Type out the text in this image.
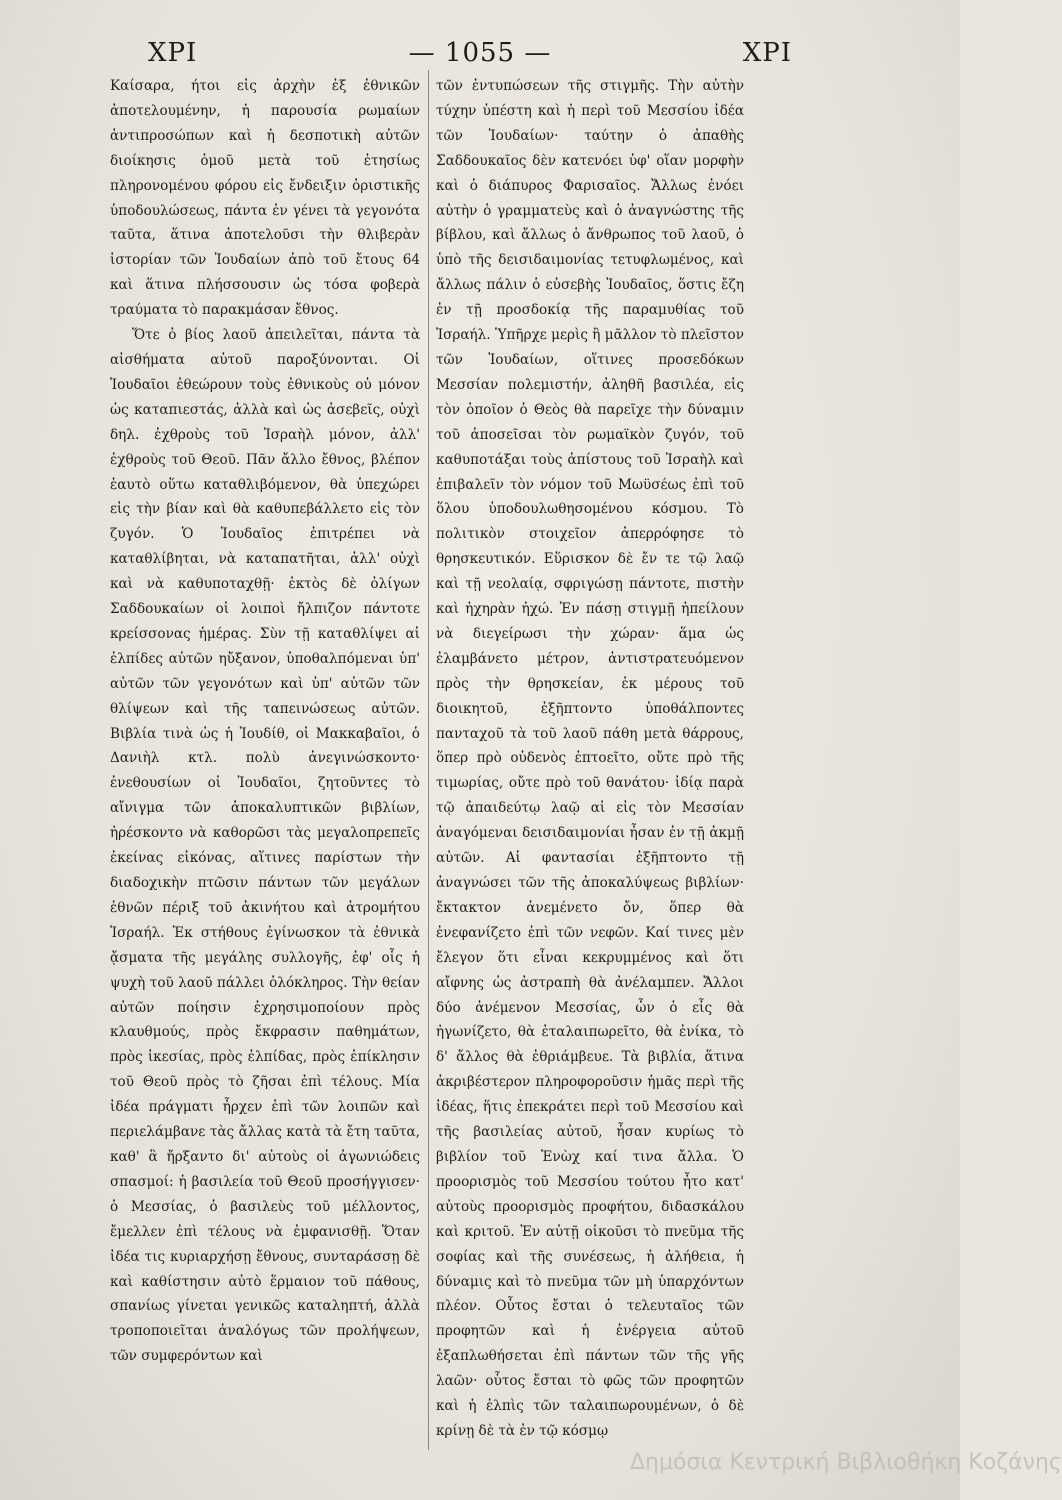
ΧΡΙ	— 1055 —	ΧΡΙ

Καίσαρα, ήτοι εἰς ἀρχὴν ἐξ ἐθνικῶν ἀποτελουμένην, ἡ παρουσία ρωμαίων ἀντιπροσώπων καὶ ἡ δεσποτικὴ αὐτῶν διοίκησις ὁμοῦ μετὰ τοῦ ἐτησίως πληρονομένου φόρου εἰς ἔνδειξιν ὁριστικῆς ὑποδουλώσεως, πάντα ἐν γένει τὰ γεγονότα ταῦτα, ἅτινα ἀποτελοῦσι τὴν θλιβερὰν ἱστορίαν τῶν Ἰουδαίων ἀπὸ τοῦ ἔτους 64 καὶ ἅτινα πλήσσουσιν ὡς τόσα φοβερὰ τραύματα τὸ παρακμάσαν ἔθνος.

Ὅτε ὁ βίος λαοῦ ἀπειλεῖται, πάντα τὰ αἰσθήματα αὐτοῦ παροξύνονται. Οἱ Ἰουδαῖοι ἐθεώρουν τοὺς ἐθνικοὺς οὐ μόνον ὡς καταπιεστάς, ἀλλὰ καὶ ὡς ἀσεβεῖς, οὐχὶ δηλ. ἐχθροὺς τοῦ Ἰσραὴλ μόνον, ἀλλ' ἐχθροὺς τοῦ Θεοῦ. Πᾶν ἄλλο ἔθνος, βλέπον ἑαυτὸ οὕτω καταθλιβόμενον, θὰ ὑπεχώρει εἰς τὴν βίαν καὶ θὰ καθυπεβάλλετο εἰς τὸν ζυγόν. Ὁ Ἰουδαῖος ἐπιτρέπει νὰ καταθλίβηται, νὰ καταπατῆται, ἀλλ' οὐχὶ καὶ νὰ καθυποταχθῇ· ἐκτὸς δὲ ὀλίγων Σαδδουκαίων οἱ λοιποὶ ἤλπιζον πάντοτε κρείσσονας ἡμέρας. Σὺν τῇ καταθλίψει αἱ ἐλπίδες αὐτῶν ηὔξανον, ὑποθαλπόμεναι ὑπ' αὐτῶν τῶν γεγονότων καὶ ὑπ' αὐτῶν τῶν θλίψεων καὶ τῆς ταπεινώσεως αὐτῶν. Βιβλία τινὰ ὡς ἡ Ἰουδίθ, οἱ Μακκαβαῖοι, ὁ Δανιὴλ κτλ. πολὺ ἀνεγινώσκοντο· ἐνεθουσίων οἱ Ἰουδαῖοι, ζητοῦντες τὸ αἴνιγμα τῶν ἀποκαλυπτικῶν βιβλίων, ἠρέσκοντο νὰ καθορῶσι τὰς μεγαλοπρεπεῖς ἐκείνας εἰκόνας, αἵτινες παρίστων τὴν διαδοχικὴν πτῶσιν πάντων τῶν μεγάλων ἐθνῶν πέριξ τοῦ ἀκινήτου καὶ ἀτρομήτου Ἰσραήλ. Ἐκ στήθους ἐγίνωσκον τὰ ἐθνικὰ ᾄσματα τῆς μεγάλης συλλογῆς, ἐφ' οἷς ἡ ψυχὴ τοῦ λαοῦ πάλλει ὁλόκληρος. Τὴν θείαν αὐτῶν ποίησιν ἐχρησιμοποίουν πρὸς κλαυθμούς, πρὸς ἔκφρασιν παθημάτων, πρὸς ἱκεσίας, πρὸς ἐλπίδας, πρὸς ἐπίκλησιν τοῦ Θεοῦ πρὸς τὸ ζῆσαι ἐπὶ τέλους. Μία ἰδέα πράγματι ἦρχεν ἐπὶ τῶν λοιπῶν καὶ περιελάμβανε τὰς ἄλλας κατὰ τὰ ἔτη ταῦτα, καθ' ἃ ἤρξαντο δι' αὐτοὺς οἱ ἀγωνιώδεις σπασμοί: ἡ βασιλεία τοῦ Θεοῦ προσήγγισεν· ὁ Μεσσίας, ὁ βασιλεὺς τοῦ μέλλοντος, ἔμελλεν ἐπὶ τέλους νὰ ἐμφανισθῇ. Ὅταν ἰδέα τις κυριαρχήσῃ ἔθνους, συνταράσσῃ δὲ καὶ καθίστησιν αὐτὸ ἕρμαιον τοῦ πάθους, σπανίως γίνεται γενικῶς καταληπτή, ἀλλὰ τροποποιεῖται ἀναλόγως τῶν προλήψεων, τῶν συμφερόντων καὶ

τῶν ἐντυπώσεων τῆς στιγμῆς. Τὴν αὐτὴν τύχην ὑπέστη καὶ ἡ περὶ τοῦ Μεσσίου ἰδέα τῶν Ἰουδαίων· ταύτην ὁ ἀπαθὴς Σαδδουκαῖος δὲν κατενόει ὑφ' οἵαν μορφὴν καὶ ὁ διάπυρος Φαρισαῖος. Ἄλλως ἐνόει αὐτὴν ὁ γραμματεὺς καὶ ὁ ἀναγνώστης τῆς βίβλου, καὶ ἄλλως ὁ ἄνθρωπος τοῦ λαοῦ, ὁ ὑπὸ τῆς δεισιδαιμονίας τετυφλωμένος, καὶ ἄλλως πάλιν ὁ εὐσεβὴς Ἰουδαῖος, ὅστις ἔζη ἐν τῇ προσδοκίᾳ τῆς παραμυθίας τοῦ Ἰσραήλ. Ὑπῆρχε μερὶς ἢ μᾶλλον τὸ πλεῖστον τῶν Ἰουδαίων, οἵτινες προσεδόκων Μεσσίαν πολεμιστήν, ἀληθῆ βασιλέα, εἰς τὸν ὁποῖον ὁ Θεὸς θὰ παρεῖχε τὴν δύναμιν τοῦ ἀποσεῖσαι τὸν ρωμαϊκὸν ζυγόν, τοῦ καθυποτάξαι τοὺς ἀπίστους τοῦ Ἰσραὴλ καὶ ἐπιβαλεῖν τὸν νόμον τοῦ Μωϋσέως ἐπὶ τοῦ ὅλου ὑποδουλωθησομένου κόσμου. Τὸ πολιτικὸν στοιχεῖον ἀπερρόφησε τὸ θρησκευτικόν. Εὕρισκον δὲ ἔν τε τῷ λαῷ καὶ τῇ νεολαίᾳ, σφριγώσῃ πάντοτε, πιστὴν καὶ ἠχηρὰν ἠχώ. Ἐν πάσῃ στιγμῇ ἠπείλουν νὰ διεγείρωσι τὴν χώραν· ἅμα ὡς ἐλαμβάνετο μέτρον, ἀντιστρατευόμενον πρὸς τὴν θρησκείαν, ἐκ μέρους τοῦ διοικητοῦ, ἐξῆπτοντο ὑποθάλποντες πανταχοῦ τὰ τοῦ λαοῦ πάθη μετὰ θάρρους, ὅπερ πρὸ οὐδενὸς ἐπτοεῖτο, οὔτε πρὸ τῆς τιμωρίας, οὔτε πρὸ τοῦ θανάτου· ἰδίᾳ παρὰ τῷ ἀπαιδεύτῳ λαῷ αἱ εἰς τὸν Μεσσίαν ἀναγόμεναι δεισιδαιμονίαι ἦσαν ἐν τῇ ἀκμῇ αὐτῶν. Αἱ φαντασίαι ἐξῆπτοντο τῇ ἀναγνώσει τῶν τῆς ἀποκαλύψεως βιβλίων· ἔκτακτον ἀνεμένετο ὄν, ὅπερ θὰ ἐνεφανίζετο ἐπὶ τῶν νεφῶν. Καί τινες μὲν ἔλεγον ὅτι εἶναι κεκρυμμένος καὶ ὅτι αἴφνης ὡς ἀστραπὴ θὰ ἀνέλαμπεν. Ἄλλοι δύο ἀνέμενον Μεσσίας, ὧν ὁ εἷς θὰ ἠγωνίζετο, θὰ ἐταλαιπωρεῖτο, θὰ ἐνίκα, τὸ δ' ἄλλος θὰ ἐθριάμβευε. Τὰ βιβλία, ἅτινα ἀκριβέστερον πληροφοροῦσιν ἡμᾶς περὶ τῆς ἰδέας, ἥτις ἐπεκράτει περὶ τοῦ Μεσσίου καὶ τῆς βασιλείας αὐτοῦ, ἦσαν κυρίως τὸ βιβλίον τοῦ Ἐνὼχ καί τινα ἄλλα. Ὁ προορισμὸς τοῦ Μεσσίου τούτου ἦτο κατ' αὐτοὺς προορισμὸς προφήτου, διδασκάλου καὶ κριτοῦ. Ἐν αὐτῇ οἰκοῦσι τὸ πνεῦμα τῆς σοφίας καὶ τῆς συνέσεως, ἡ ἀλήθεια, ἡ δύναμις καὶ τὸ πνεῦμα τῶν μὴ ὑπαρχόντων πλέον. Οὗτος ἔσται ὁ τελευταῖος τῶν προφητῶν καὶ ἡ ἐνέργεια αὐτοῦ ἐξαπλωθήσεται ἐπὶ πάντων τῶν τῆς γῆς λαῶν· οὗτος ἔσται τὸ φῶς τῶν προφητῶν καὶ ἡ ἐλπὶς τῶν ταλαιπωρουμένων, ὁ δὲ κρίνῃ δὲ τὰ ἐν τῷ κόσμῳ

Δημόσια Κεντρική Βιβλιοθήκη Κοζάνης
